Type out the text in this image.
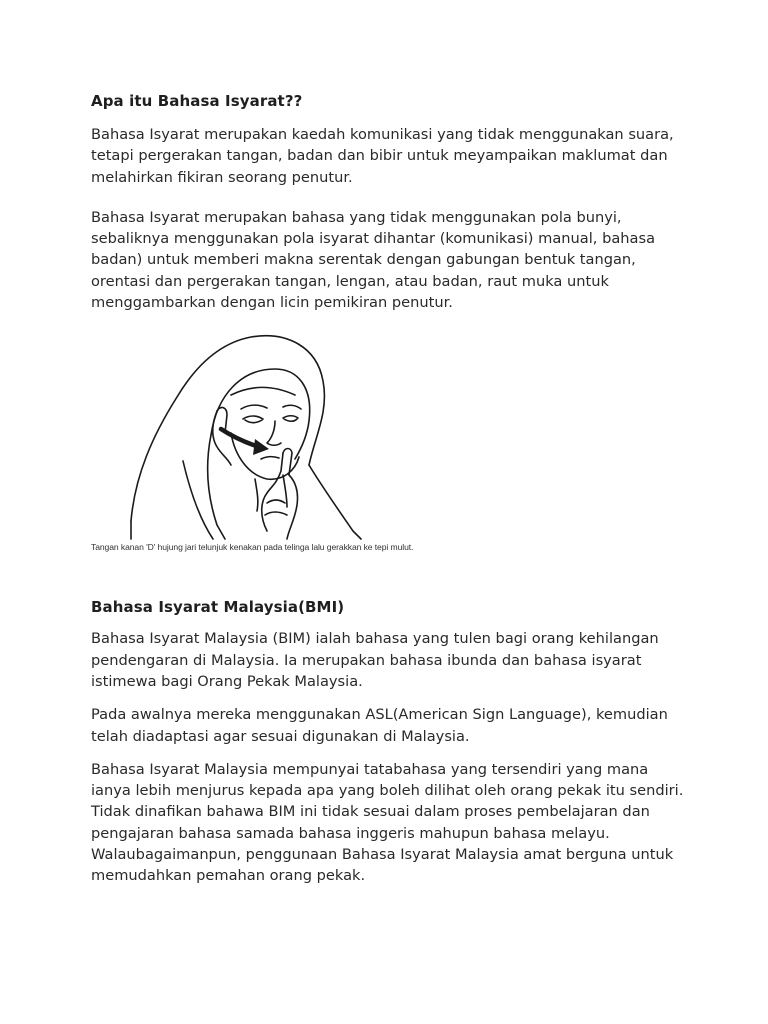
Apa itu Bahasa Isyarat??

Bahasa Isyarat merupakan kaedah komunikasi yang tidak menggunakan suara, tetapi pergerakan tangan, badan dan bibir untuk meyampaikan maklumat dan melahirkan fikiran seorang penutur.

Bahasa Isyarat merupakan bahasa yang tidak menggunakan pola bunyi, sebaliknya menggunakan pola isyarat dihantar (komunikasi) manual, bahasa badan) untuk memberi makna serentak dengan gabungan bentuk tangan, orentasi dan pergerakan tangan, lengan, atau badan, raut muka untuk menggambarkan dengan licin pemikiran penutur.

Tangan kanan 'D' hujung jari telunjuk kenakan pada telinga lalu gerakkan ke tepi mulut.
Bahasa Isyarat Malaysia(BMI)

Bahasa Isyarat Malaysia (BIM) ialah bahasa yang tulen bagi orang kehilangan pendengaran di Malaysia. Ia merupakan bahasa ibunda dan bahasa isyarat istimewa bagi Orang Pekak Malaysia.

Pada awalnya mereka menggunakan ASL(American Sign Language), kemudian telah diadaptasi agar sesuai digunakan di Malaysia.

Bahasa Isyarat Malaysia mempunyai tatabahasa yang tersendiri yang mana ianya lebih menjurus kepada apa yang boleh dilihat oleh orang pekak itu sendiri. Tidak dinafikan bahawa BIM ini tidak sesuai dalam proses pembelajaran dan pengajaran bahasa samada bahasa inggeris mahupun bahasa melayu. Walaubagaimanpun, penggunaan Bahasa Isyarat Malaysia amat berguna untuk memudahkan pemahan orang pekak.
